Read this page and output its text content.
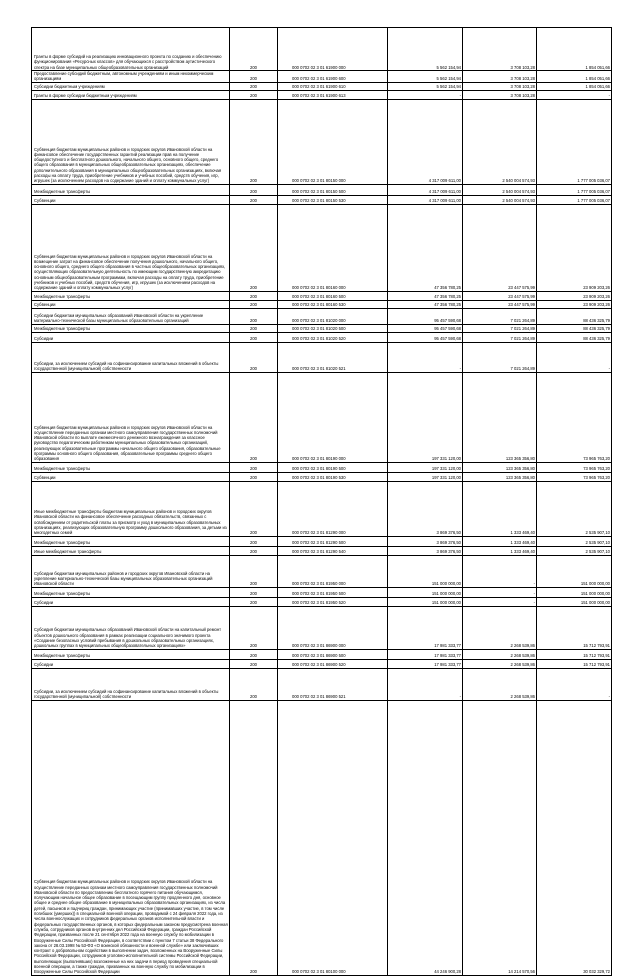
Гранты в форме субсидий на реализацию инновационного проекта по созданию и обеспечению функционирования «Ресурсных классов» для обучающихся с расстройством аутистического спектра на базе муниципальных общеобразовательных организаций	200	000 0702 02 3 01 61900 000	5 562 154,94	3 708 103,28	1 854 051,66
Предоставление субсидий бюджетным, автономным учреждениям и иным некоммерческим организациям	200	000 0702 02 3 01 61900 600	5 562 154,94	3 708 103,28	1 854 051,66
Субсидии бюджетным учреждениям	200	000 0702 02 3 01 61900 610	5 562 154,94	3 708 103,28	1 854 051,66
Гранты в форме субсидии бюджетным учреждениям	200	000 0702 02 3 01 61900 613	-	3 708 103,28	-
Субвенция бюджетам муниципальных районов и городских округов Ивановской области на финансовое обеспечение государственных гарантий реализации прав на получение общедоступного и бесплатного дошкольного, начального общего, основного общего, среднего общего образования в муниципальных общеобразовательных организациях, обеспечение дополнительного образования в муниципальных общеобразовательных организациях, включая расходы на оплату труда, приобретение учебников и учебных пособий, средств обучения, игр, игрушек (за исключением расходов на содержание зданий и оплату коммунальных услуг)	200	000 0702 02 3 01 80150 000	4 317 009 611,00	2 540 004 574,93	1 777 005 036,07
Межбюджетные трансферты	200	000 0702 02 3 01 80150 500	4 317 009 611,00	2 540 004 574,93	1 777 005 036,07
Субвенции	200	000 0702 02 3 01 80150 530	4 317 009 611,00	2 540 004 574,93	1 777 005 036,07
Субвенция бюджетам муниципальных районов и городских округов Ивановской области на возмещение затрат на финансовое обеспечение получения дошкольного, начального общего, основного общего, среднего общего образования в частных общеобразовательных организациях, осуществляющих образовательную деятельность по имеющим государственную аккредитацию основным общеобразовательным программам, включая расходы на оплату труда, приобретение учебников и учебных пособий, средств обучения, игр, игрушек (за исключением расходов на содержание зданий и оплату коммунальных услуг)	200	000 0702 02 3 01 80160 000	47 356 780,25	23 447 575,99	23 909 203,26
Межбюджетные трансферты	200	000 0702 02 3 01 80160 500	47 356 780,25	23 447 575,99	23 909 203,26
Субвенции	200	000 0702 02 3 01 80160 530	47 356 780,25	23 447 575,99	23 909 203,26
Субсидии бюджетам муниципальных образований Ивановской области на укрепление материально-технической базы муниципальных образовательных организаций	200	000 0702 02 3 01 81020 000	95 457 590,68	7 021 264,89	88 436 325,79
Межбюджетные трансферты	200	000 0702 02 3 01 81020 500	95 457 590,68	7 021 264,89	88 436 325,79
Субсидии	200	000 0702 02 3 01 81020 520	95 457 590,68	7 021 264,89	88 436 325,79
Субсидии, за исключением субсидий на софинансирование капитальных вложений в объекты государственной (муниципальной) собственности	200	000 0702 02 3 01 81020 521	-	7 021 264,89	-
Субвенция бюджетам муниципальных районов и городских округов Ивановской области на осуществление переданных органам местного самоуправления государственных полномочий Ивановской области по выплате ежемесячного денежного вознаграждения за классное руководство педагогическим работникам муниципальных образовательных организаций, реализующих образовательные программы начального общего образования, образовательные программы основного общего образования, образовательные программы среднего общего образования	200	000 0702 02 3 01 80190 000	197 331 120,00	123 365 356,80	73 965 763,20
Межбюджетные трансферты	200	000 0702 02 3 01 80190 500	197 331 120,00	123 365 356,80	73 965 763,20
Субвенции	200	000 0702 02 3 01 80190 530	197 331 120,00	123 365 356,80	73 965 763,20
Иные межбюджетные трансферты бюджетам муниципальных районов и городских округов Ивановской области на финансовое обеспечение расходных обязательств, связанных с освобождением от родительской платы за присмотр и уход в муниципальных образовательных организациях, реализующих образовательную программу дошкольного образования, за детьми из многодетных семей	200	000 0702 02 3 01 81290 000	3 869 376,50	1 333 469,40	2 535 907,10
Межбюджетные трансферты	200	000 0702 02 3 01 81290 500	3 869 376,50	1 333 469,40	2 535 907,10
Иные межбюджетные трансферты	200	000 0702 02 3 01 81290 540	3 869 376,50	1 333 469,40	2 535 907,10
Субсидии бюджетам муниципальных районов и городских округов Ивановской области на укрепление материально-технической базы муниципальных образовательных организаций Ивановской области	200	000 0702 02 3 01 81950 000	151 000 000,00	-	151 000 000,00
Межбюджетные трансферты	200	000 0702 02 3 01 81950 500	151 000 000,00	-	151 000 000,00
Субсидии	200	000 0702 02 3 01 81950 520	151 000 000,00	-	151 000 000,00
Субсидия бюджетам муниципальных образований Ивановской области на капитальный ремонт объектов дошкольного образования в рамках реализации социального значимого проекта «Создание безопасных условий пребывания в дошкольных образовательных организациях, дошкольных группах в муниципальных общеобразовательных организациях»	200	000 0702 02 3 01 86900 000	17 981 333,77	2 268 539,86	15 712 793,91
Межбюджетные трансферты	200	000 0702 02 3 01 86900 500	17 981 333,77	2 268 539,86	15 712 793,91
Субсидии	200	000 0702 02 3 01 86900 520	17 981 333,77	2 268 539,86	15 712 793,91
Субсидии, за исключением субсидий на софинансирование капитальных вложений в объекты государственной (муниципальной) собственности	200	000 0702 02 3 01 86900 521	-	2 268 539,86	-
Субвенция бюджетам муниципальных районов и городских округов Ивановской области на осуществление переданных органам местного самоуправления государственных полномочий Ивановской области по предоставлению бесплатного горячего питания обучающимся, получающим начальное общее образование в посещающим группу продленного дня, основное общее и среднее общее образование в муниципальных образовательных организациях, из числа детей, пасынков и падчериц граждан, принимающих участие (принимавших участие, в том числе погибших (умерших)) в специальной военной операции, проводимой с 24 февраля 2022 года, из числа военнослужащих и сотрудников федеральных органов исполнительной власти и федеральных государственных органов, в которых федеральным законом предусмотрена военная служба, сотрудников органов внутренних дел Российской Федерации, граждан Российской Федерации, призванных после 21 сентября 2022 года на военную службу по мобилизации в Вооруженные Силы Российской Федерации, в соответствии с пунктом 7 статьи 38 Федерального закона от 28.03.1998 № 53-ФЗ «О воинской обязанности и военной службе» или заключивших контракт о добровольном содействии в выполнении задач, возложенных на Вооруженные Силы Российской Федерации, сотрудников уголовно-исполнительной системы Российской Федерации, выполняющих (выполнявших) возложенные на них задачи в период проведения специальной военной операции, а также граждан, призванных на военную службу по мобилизации в Вооруженные Силы Российской Федерации	200	000 0702 02 3 01 80100 000	44 246 900,28	14 214 570,56	30 032 329,72
